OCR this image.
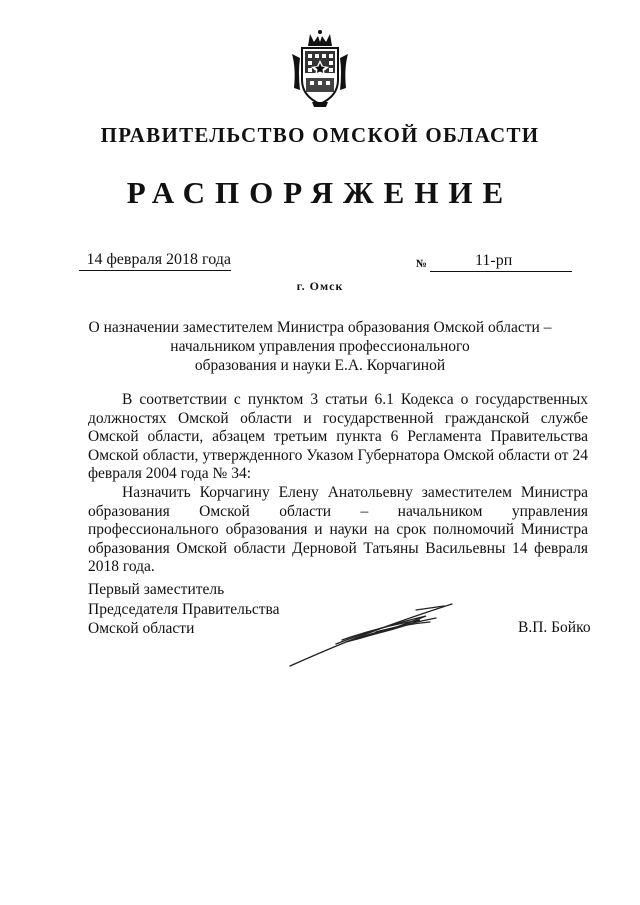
ПРАВИТЕЛЬСТВО ОМСКОЙ ОБЛАСТИ
РАСПОРЯЖЕНИЕ
14 февраля 2018 года	№	11-рп
г. Омск
О назначении заместителем Министра образования Омской области –
начальником управления профессионального
образования и науки Е.А. Корчагиной

В соответствии с пунктом 3 статьи 6.1 Кодекса о государственных должностях Омской области и государственной гражданской службе Омской области, абзацем третьим пункта 6 Регламента Правительства Омской области, утвержденного Указом Губернатора Омской области от 24 февраля 2004 года № 34:

Назначить Корчагину Елену Анатольевну заместителем Министра образования Омской области – начальником управления профессионального образования и науки на срок полномочий Министра образования Омской области Дерновой Татьяны Васильевны 14 февраля 2018 года.

Первый заместитель
Председателя Правительства
Омской области	В.П. Бойко
